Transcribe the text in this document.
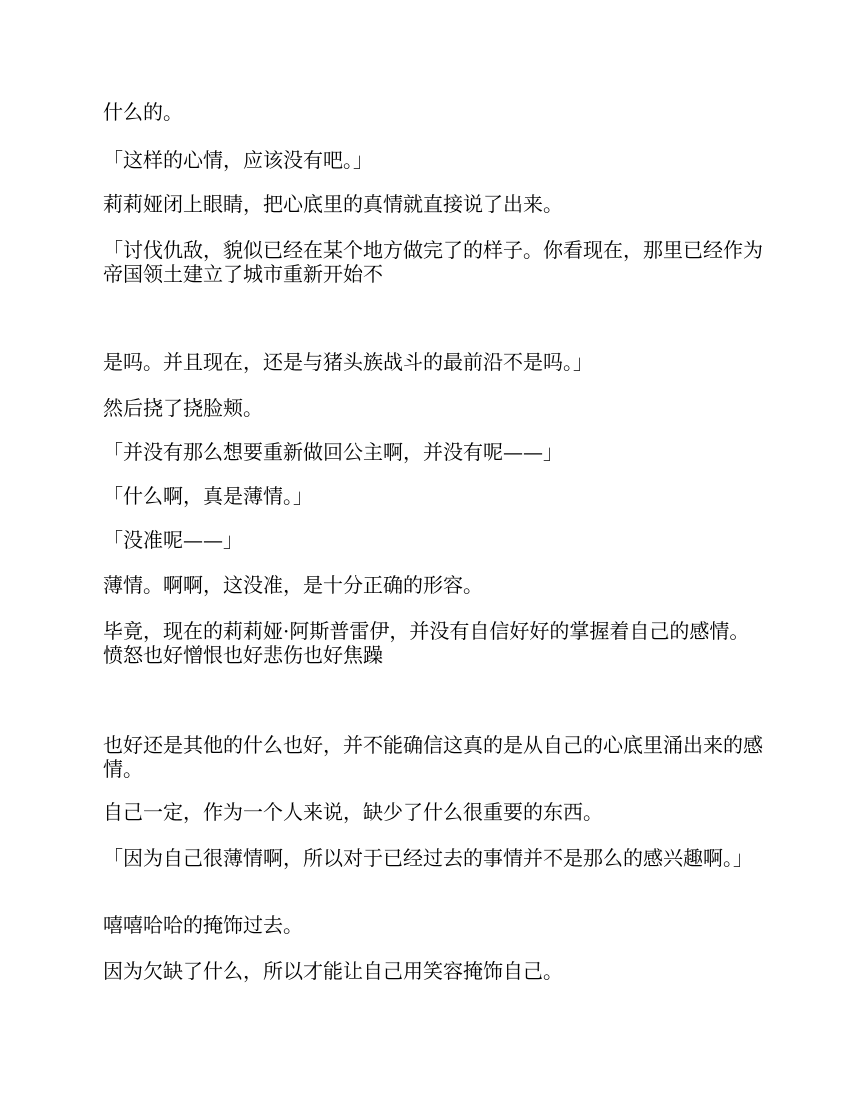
什么的。

「这样的心情，应该没有吧。」

莉莉娅闭上眼睛，把心底里的真情就直接说了出来。

「讨伐仇敌，貌似已经在某个地方做完了的样子。你看现在，那里已经作为帝国领土建立了城市重新开始不

是吗。并且现在，还是与猪头族战斗的最前沿不是吗。」

然后挠了挠脸颊。

「并没有那么想要重新做回公主啊，并没有呢——」

「什么啊，真是薄情。」

「没准呢——」

薄情。啊啊，这没准，是十分正确的形容。

毕竟，现在的莉莉娅·阿斯普雷伊，并没有自信好好的掌握着自己的感情。愤怒也好憎恨也好悲伤也好焦躁

也好还是其他的什么也好，并不能确信这真的是从自己的心底里涌出来的感情。

自己一定，作为一个人来说，缺少了什么很重要的东西。

「因为自己很薄情啊，所以对于已经过去的事情并不是那么的感兴趣啊。」

嘻嘻哈哈的掩饰过去。

因为欠缺了什么，所以才能让自己用笑容掩饰自己。
